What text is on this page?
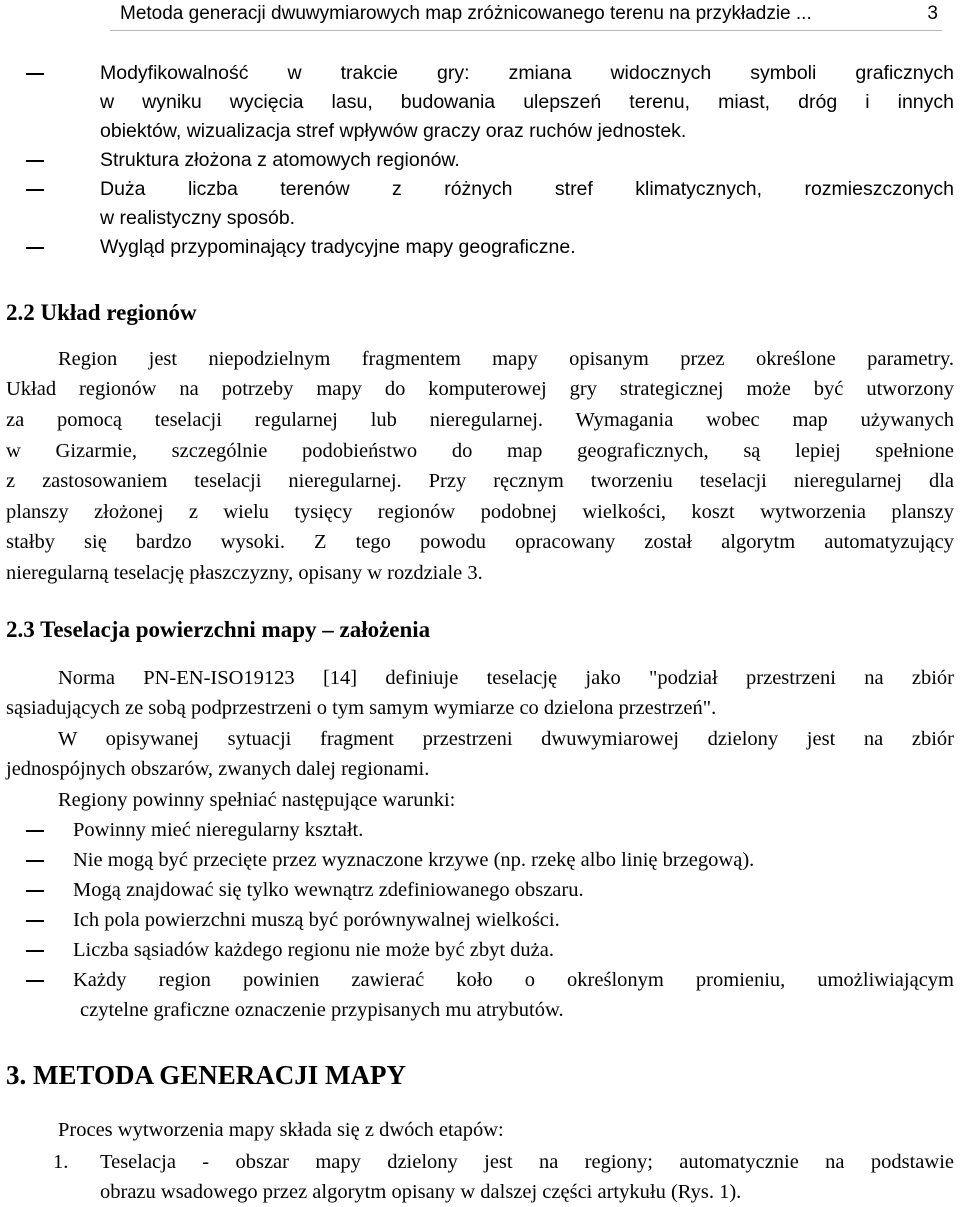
Metoda generacji dwuwymiarowych map zróżnicowanego terenu na przykładzie ...	3
Modyfikowalność w trakcie gry: zmiana widocznych symboli graficznych
w wyniku wycięcia lasu, budowania ulepszeń terenu, miast, dróg i innych
obiektów, wizualizacja stref wpływów graczy oraz ruchów jednostek.
Struktura złożona z atomowych regionów.
Duża liczba terenów z różnych stref klimatycznych, rozmieszczonych
w realistyczny sposób.
Wygląd przypominający tradycyjne mapy geograficzne.
2.2 Układ regionów
Region jest niepodzielnym fragmentem mapy opisanym przez określone parametry.
Układ regionów na potrzeby mapy do komputerowej gry strategicznej może być utworzony
za pomocą teselacji regularnej lub nieregularnej. Wymagania wobec map używanych
w Gizarmie, szczególnie podobieństwo do map geograficznych, są lepiej spełnione
z zastosowaniem teselacji nieregularnej. Przy ręcznym tworzeniu teselacji nieregularnej dla
planszy złożonej z wielu tysięcy regionów podobnej wielkości, koszt wytworzenia planszy
stałby się bardzo wysoki. Z tego powodu opracowany został algorytm automatyzujący
nieregularną teselację płaszczyzny, opisany w rozdziale 3.
2.3 Teselacja powierzchni mapy – założenia
Norma PN-EN-ISO19123 [14] definiuje teselację jako "podział przestrzeni na zbiór
sąsiadujących ze sobą podprzestrzeni o tym samym wymiarze co dzielona przestrzeń".
W opisywanej sytuacji fragment przestrzeni dwuwymiarowej dzielony jest na zbiór
jednospójnych obszarów, zwanych dalej regionami.
Regiony powinny spełniać następujące warunki:
Powinny mieć nieregularny kształt.
Nie mogą być przecięte przez wyznaczone krzywe (np. rzekę albo linię brzegową).
Mogą znajdować się tylko wewnątrz zdefiniowanego obszaru.
Ich pola powierzchni muszą być porównywalnej wielkości.
Liczba sąsiadów każdego regionu nie może być zbyt duża.
Każdy region powinien zawierać koło o określonym promieniu, umożliwiającym
czytelne graficzne oznaczenie przypisanych mu atrybutów.
3. METODA GENERACJI MAPY
Proces wytworzenia mapy składa się z dwóch etapów:
1. Teselacja - obszar mapy dzielony jest na regiony; automatycznie na podstawie
obrazu wsadowego przez algorytm opisany w dalszej części artykułu (Rys. 1).
